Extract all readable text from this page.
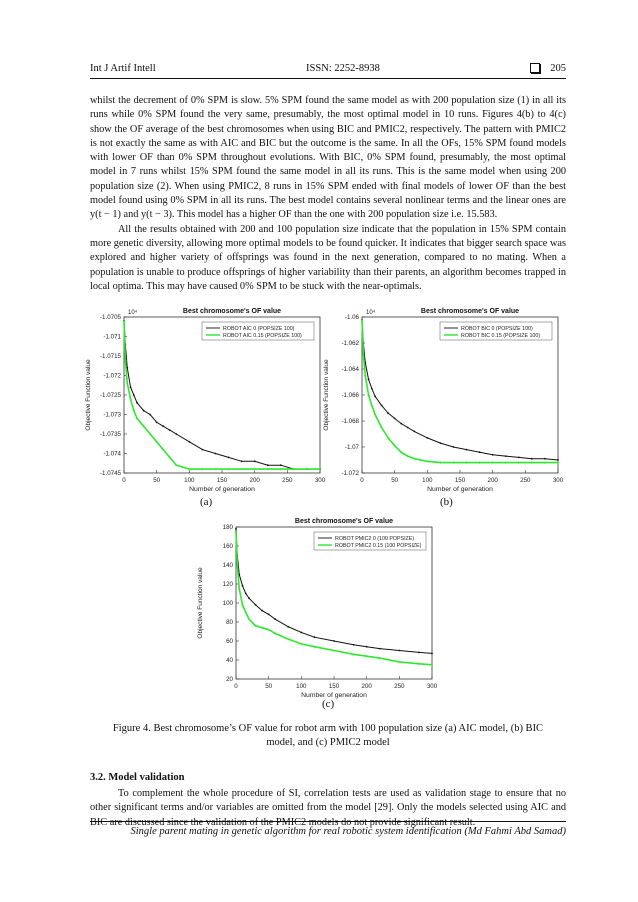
Int J Artif Intell	ISSN: 2252-8938	205

whilst the decrement of 0% SPM is slow. 5% SPM found the same model as with 200 population size (1) in all its runs while 0% SPM found the very same, presumably, the most optimal model in 10 runs. Figures 4(b) to 4(c) show the OF average of the best chromosomes when using BIC and PMIC2, respectively. The pattern with PMIC2 is not exactly the same as with AIC and BIC but the outcome is the same. In all the OFs, 15% SPM found models with lower OF than 0% SPM throughout evolutions. With BIC, 0% SPM found, presumably, the most optimal model in 7 runs whilst 15% SPM found the same model in all its runs. This is the same model when using 200 population size (2). When using PMIC2, 8 runs in 15% SPM ended with final models of lower OF than the best model found using 0% SPM in all its runs. The best model contains several nonlinear terms and the linear ones are y(t − 1) and y(t − 3). This model has a higher OF than the one with 200 population size i.e. 15.583.

All the results obtained with 200 and 100 population size indicate that the population in 15% SPM contain more genetic diversity, allowing more optimal models to be found quicker. It indicates that bigger search space was explored and higher variety of offsprings was found in the next generation, compared to no mating. When a population is unable to produce offsprings of higher variability than their parents, an algorithm becomes trapped in local optima. This may have caused 0% SPM to be stuck with the near-optimals.

0	50	100	150	200	250	300
-1.0705
-1.071
-1.0715
-1.072
-1.0725
-1.073
-1.0735
-1.074
-1.0745
10⁴	Best chromosome's OF value
Number of generation
Objective Function value
+
+
+
+
+
+
+
+
+
+
+
+ + + + + + + + + + + + +
ROBOT AIC 0 (POPSIZE 100)
ROBOT AIC 0.15 (POPSIZE 100)
0	50	100	150	200	250	300
-1.06
-1.062
-1.064
-1.066
-1.068
-1.07
-1.072
10⁴	Best chromosome's OF value
Number of generation
Objective Function value
+
+
+
+
+
+
+
+
+
+
+ + + + + + + + + + + + + +
ROBOT BIC 0 (POPSIZE 100)
ROBOT BIC 0.15 (POPSIZE 100)
0	50	100	150	200	250	300
180
160
140
120
100
80
60
40
20
Best chromosome's OF value
Number of generation
Objective Function value
+
+
+
+
+
+
+ + +
+
+
+ +
+
+ + +
+	+ +
ROBOT PMIC2 0 (100 POPSIZE)
ROBOT PMIC2 0.15 (100 POPSIZE)
(a)	(b)
(c)
Figure 4. Best chromosome’s OF value for robot arm with 100 population size (a) AIC model, (b) BIC model, and (c) PMIC2 model
3.2. Model validation
To complement the whole procedure of SI, correlation tests are used as validation stage to ensure that no other significant terms and/or variables are omitted from the model [29]. Only the models selected using AIC and BIC are discussed since the validation of the PMIC2 models do not provide significant result.
Single parent mating in genetic algorithm for real robotic system identification (Md Fahmi Abd Samad)
